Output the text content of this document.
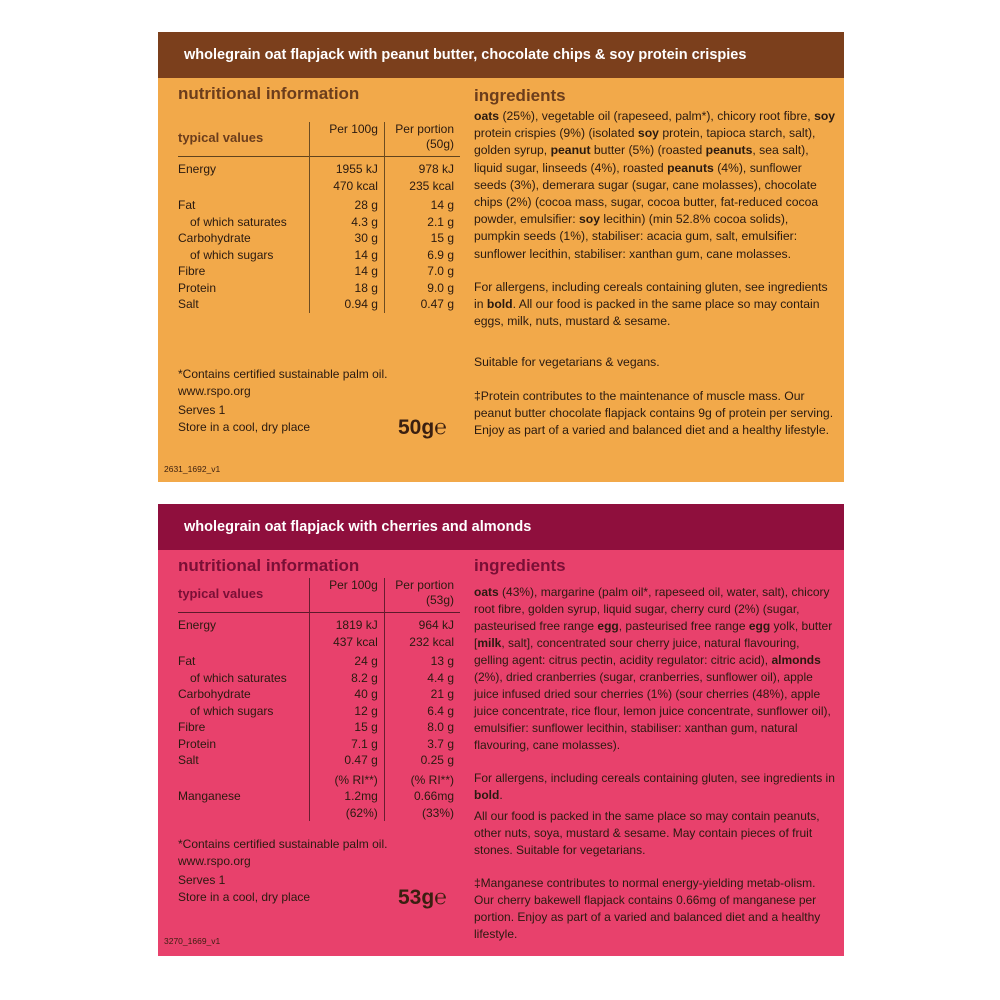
wholegrain oat flapjack with peanut butter, chocolate chips & soy protein crispies
nutritional information
typical values	Per 100g	Per portion
(50g)
Energy	1955 kJ	978 kJ
	470 kcal	235 kcal
Fat	28 g	14 g
of which saturates	4.3 g	2.1 g
Carbohydrate	30 g	15 g
of which sugars	14 g	6.9 g
Fibre	14 g	7.0 g
Protein	18 g	9.0 g
Salt	0.94 g	0.47 g
*Contains certified sustainable palm oil.
www.rspo.org
Serves 1
Store in a cool, dry place	50g℮
2631_1692_v1
ingredients

oats (25%), vegetable oil (rapeseed, palm*), chicory root fibre, soy protein crispies (9%) (isolated soy protein, tapioca starch, salt), golden syrup, peanut butter (5%) (roasted peanuts, sea salt), liquid sugar, linseeds (4%), roasted peanuts (4%), sunflower seeds (3%), demerara sugar (sugar, cane molasses), chocolate chips (2%) (cocoa mass, sugar, cocoa butter, fat-reduced cocoa powder, emulsifier: soy lecithin) (min 52.8% cocoa solids), pumpkin seeds (1%), stabiliser: acacia gum, salt, emulsifier: sunflower lecithin, stabiliser: xanthan gum, cane molasses.

For allergens, including cereals containing gluten, see ingredients in bold. All our food is packed in the same place so may contain eggs, milk, nuts, mustard & sesame.

Suitable for vegetarians & vegans.

‡Protein contributes to the maintenance of muscle mass. Our peanut butter chocolate flapjack contains 9g of protein per serving. Enjoy as part of a varied and balanced diet and a healthy lifestyle.

wholegrain oat flapjack with cherries and almonds
nutritional information
typical values	Per 100g	Per portion
(53g)
Energy	1819 kJ	964 kJ
	437 kcal	232 kcal
Fat	24 g	13 g
of which saturates	8.2 g	4.4 g
Carbohydrate	40 g	21 g
of which sugars	12 g	6.4 g
Fibre	15 g	8.0 g
Protein	7.1 g	3.7 g
Salt	0.47 g	0.25 g
	(% RI**)	(% RI**)
Manganese	1.2mg (62%)	0.66mg (33%)
*Contains certified sustainable palm oil.
www.rspo.org
Serves 1
Store in a cool, dry place	53g℮
3270_1669_v1
ingredients

oats (43%), margarine (palm oil*, rapeseed oil, water, salt), chicory root fibre, golden syrup, liquid sugar, cherry curd (2%) (sugar, pasteurised free range egg, pasteurised free range egg yolk, butter [milk, salt], concentrated sour cherry juice, natural flavouring, gelling agent: citrus pectin, acidity regulator: citric acid), almonds (2%), dried cranberries (sugar, cranberries, sunflower oil), apple juice infused dried sour cherries (1%) (sour cherries (48%), apple juice concentrate, rice flour, lemon juice concentrate, sunflower oil), emulsifier: sunflower lecithin, stabiliser: xanthan gum, natural flavouring, cane molasses).

For allergens, including cereals containing gluten, see ingredients in bold.

All our food is packed in the same place so may contain peanuts, other nuts, soya, mustard & sesame. May contain pieces of fruit stones. Suitable for vegetarians.

‡Manganese contributes to normal energy-yielding metab-olism. Our cherry bakewell flapjack contains 0.66mg of manganese per portion. Enjoy as part of a varied and balanced diet and a healthy lifestyle.
